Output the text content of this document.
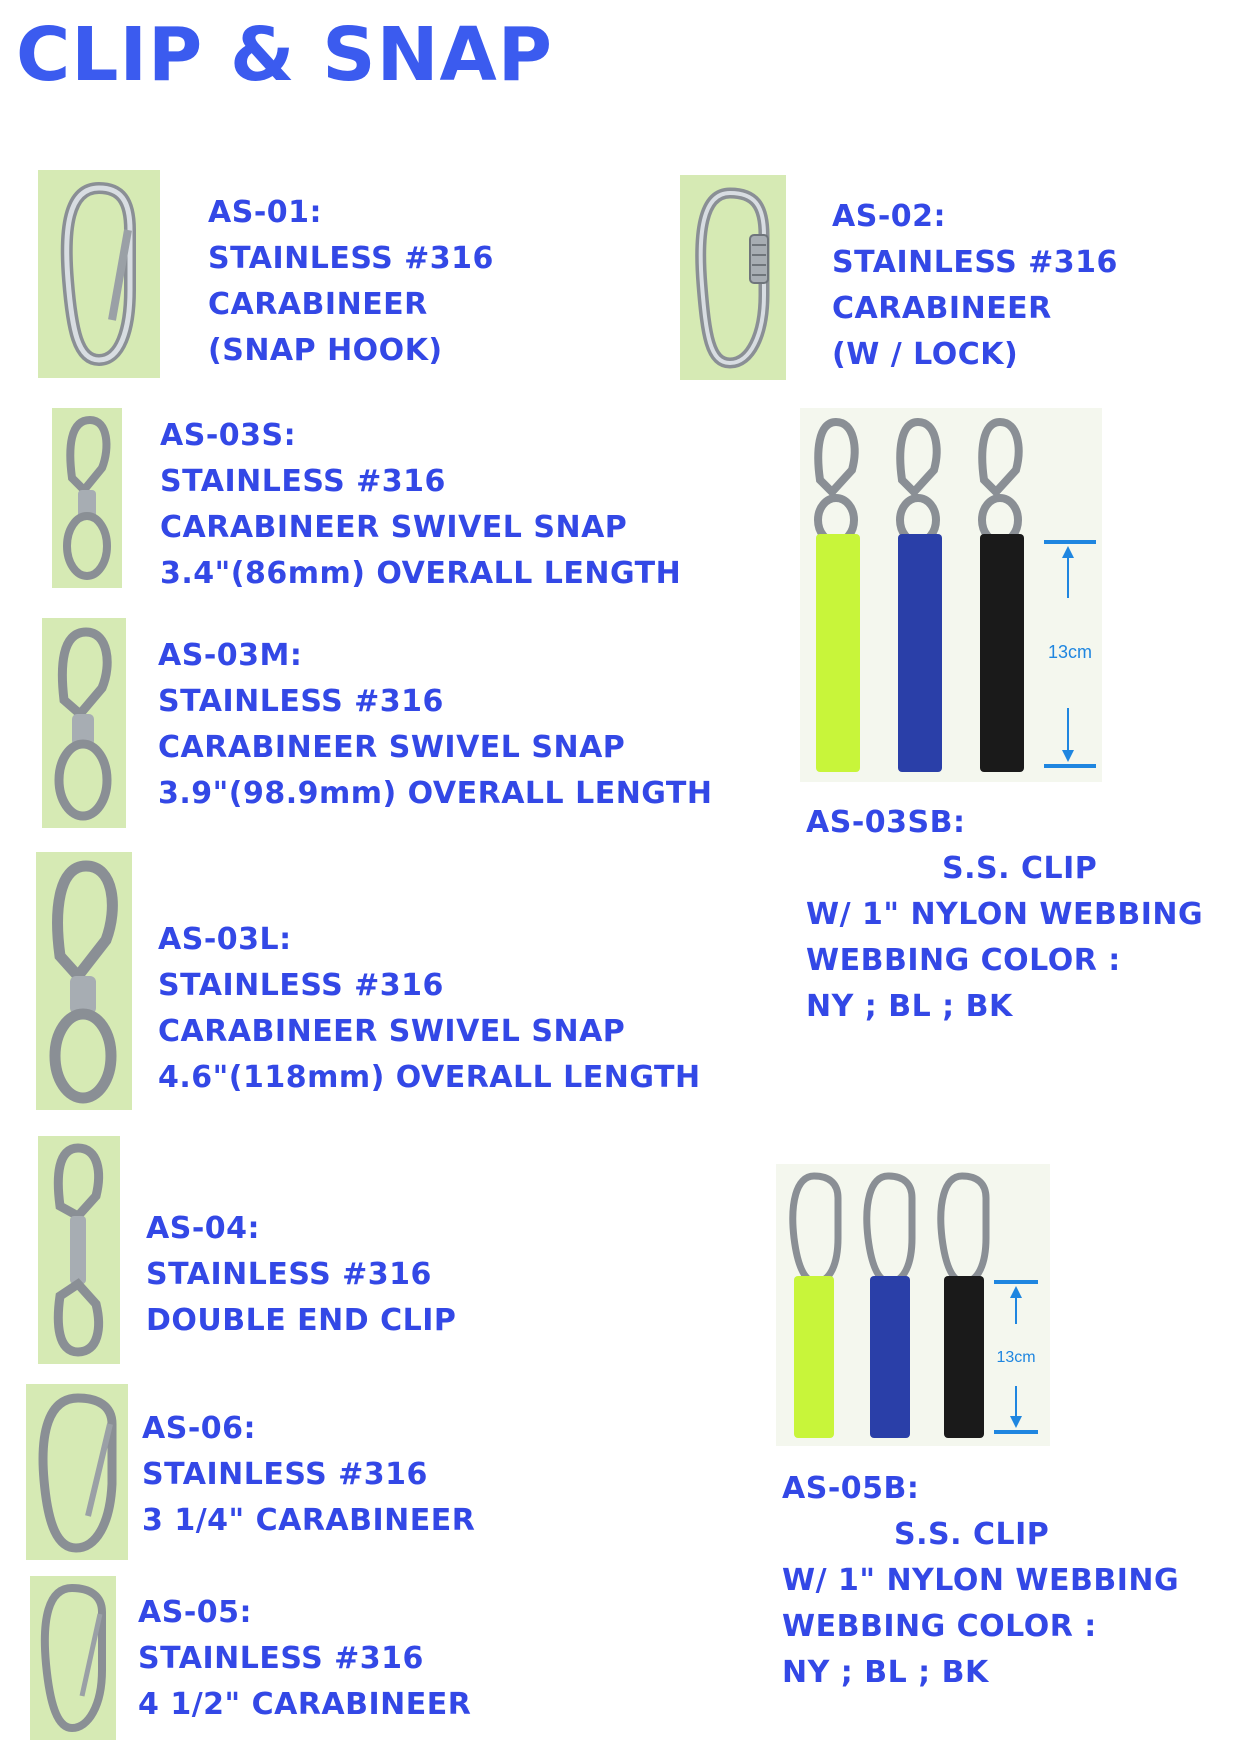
CLIP & SNAP
AS-01:
STAINLESS #316
CARABINEER
(SNAP HOOK)
AS-02:
STAINLESS #316
CARABINEER
(W / LOCK)
AS-03S:
STAINLESS #316
CARABINEER SWIVEL SNAP
3.4"(86mm) OVERALL LENGTH
AS-03M:
STAINLESS #316
CARABINEER SWIVEL SNAP
3.9"(98.9mm) OVERALL LENGTH
AS-03L:
STAINLESS #316
CARABINEER SWIVEL SNAP
4.6"(118mm) OVERALL LENGTH
AS-04:
STAINLESS #316
DOUBLE END CLIP
AS-06:
STAINLESS #316
3 1/4" CARABINEER
AS-05:
STAINLESS #316
4 1/2" CARABINEER
13cm
AS-03SB:
S.S. CLIP
W/ 1" NYLON WEBBING
WEBBING COLOR :
NY ; BL ; BK
13cm
AS-05B:
S.S. CLIP
W/ 1" NYLON WEBBING
WEBBING COLOR :
NY ; BL ; BK
